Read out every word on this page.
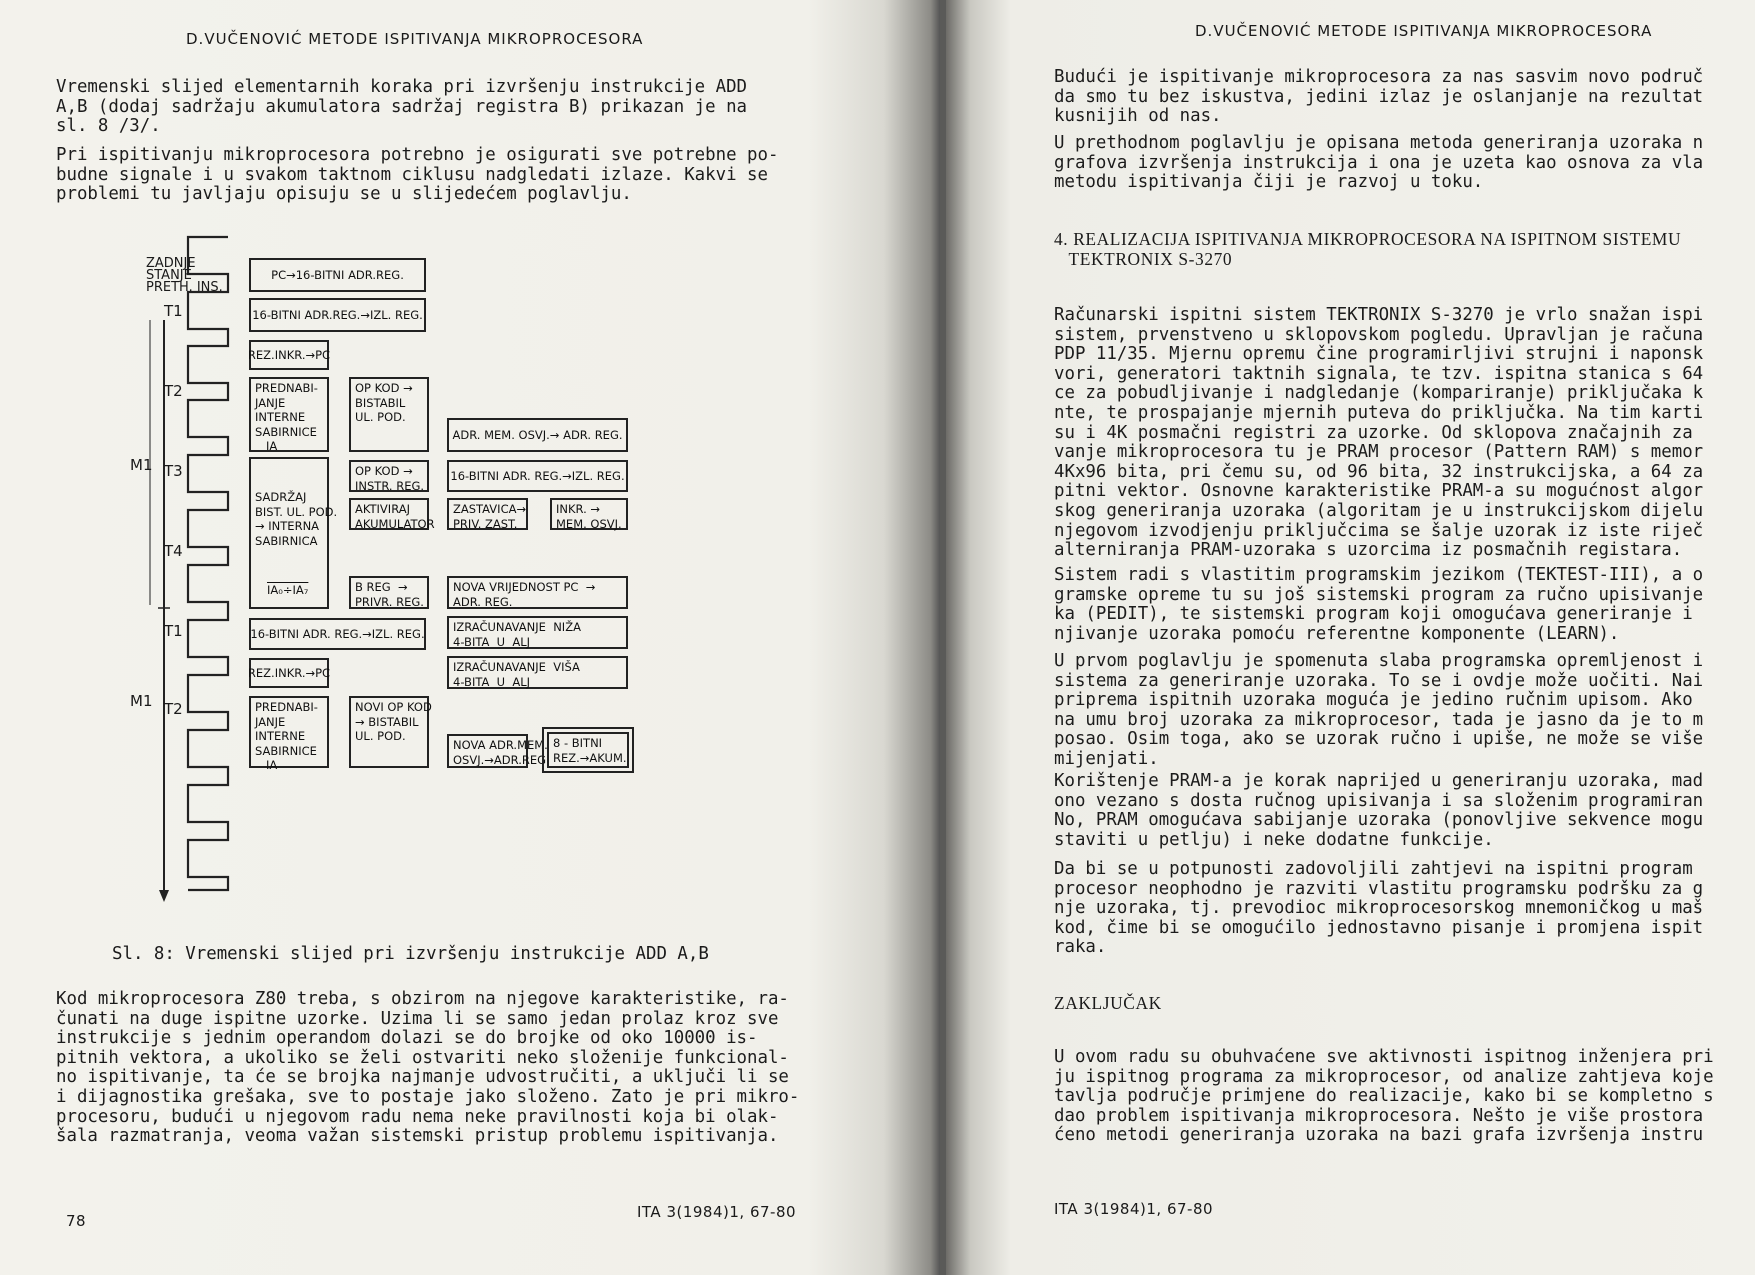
D.VUČENOVIĆ METODE ISPITIVANJA MIKROPROCESORA

Vremenski slijed elementarnih koraka pri izvršenju instrukcije ADD
A,B (dodaj sadržaju akumulatora sadržaj registra B) prikazan je na
sl. 8 /3/.

Pri ispitivanju mikroprocesora potrebno je osigurati sve potrebne po-
budne signale i u svakom taktnom ciklusu nadgledati izlaze. Kakvi se
problemi tu javljaju opisuju se u slijedećem poglavlju.

ZADNJE
STANJE
PRETH. INS.
T1
T2
T3
T4
T1
T2
M1
M1
PC→16-BITNI ADR.REG.
16-BITNI ADR.REG.→IZL. REG.
REZ.INKR.→PC
PREDNABI-
JANJE
INTERNE
SABIRNICE
IA
OP KOD →
BISTABIL
UL. POD.
ADR. MEM. OSVJ.→ ADR. REG.

SADRŽAJ
BIST. UL. POD.
→ INTERNA
SABIRNICA

IA₀÷IA₇

OP KOD →
INSTR. REG.
16-BITNI ADR. REG.→IZL. REG.
AKTIVIRAJ
AKUMULATOR
ZASTAVICA→
PRIV. ZAST.
INKR. →
MEM. OSVJ.
B REG  →
PRIVR. REG.
NOVA VRIJEDNOST PC  →
ADR. REG.
16-BITNI ADR. REG.→IZL. REG.	IZRAČUNAVANJE  NIŽA
4-BITA  U  ALJ
REZ.INKR.→PC	IZRAČUNAVANJE  VIŠA
4-BITA  U  ALJ
PREDNABI-
JANJE
INTERNE
SABIRNICE
IA
NOVI OP KOD
→ BISTABIL
UL. POD.
NOVA ADR.MEM.
OSVJ.→ADR.REG.
8 - BITNI
REZ.→AKUM.
Sl. 8: Vremenski slijed pri izvršenju instrukcije ADD A,B

Kod mikroprocesora Z80 treba, s obzirom na njegove karakteristike, ra-
čunati na duge ispitne uzorke. Uzima li se samo jedan prolaz kroz sve
instrukcije s jednim operandom dolazi se do brojke od oko 10000 is-
pitnih vektora, a ukoliko se želi ostvariti neko složenije funkcional-
no ispitivanje, ta će se brojka najmanje udvostručiti, a uključi li se
i dijagnostika grešaka, sve to postaje jako složeno. Zato je pri mikro-
procesoru, budući u njegovom radu nema neke pravilnosti koja bi olak-
šala razmatranja, veoma važan sistemski pristup problemu ispitivanja.

78	ITA 3(1984)1, 67-80
D.VUČENOVIĆ METODE ISPITIVANJA MIKROPROCESORA

Budući je ispitivanje mikroprocesora za nas sasvim novo područ
da smo tu bez iskustva, jedini izlaz je oslanjanje na rezultat
kusnijih od nas.

U prethodnom poglavlju je opisana metoda generiranja uzoraka n
grafova izvršenja instrukcija i ona je uzeta kao osnova za vla
metodu ispitivanja čiji je razvoj u toku.

4. REALIZACIJA ISPITIVANJA MIKROPROCESORA NA ISPITNOM SISTEMU
TEKTRONIX S-3270

Računarski ispitni sistem TEKTRONIX S-3270 je vrlo snažan ispi
sistem, prvenstveno u sklopovskom pogledu. Upravljan je računa
PDP 11/35. Mjernu opremu čine programirljivi strujni i naponsk
vori, generatori taktnih signala, te tzv. ispitna stanica s 64
ce za pobudljivanje i nadgledanje (kompariranje) priključaka k
nte, te prospajanje mjernih puteva do priključka. Na tim karti
su i 4K posmačni registri za uzorke. Od sklopova značajnih za
vanje mikroprocesora tu je PRAM procesor (Pattern RAM) s memor
4Kx96 bita, pri čemu su, od 96 bita, 32 instrukcijska, a 64 za
pitni vektor. Osnovne karakteristike PRAM-a su mogućnost algor
skog generiranja uzoraka (algoritam je u instrukcijskom dijelu
njegovom izvodjenju priključcima se šalje uzorak iz iste riječ
alterniranja PRAM-uzoraka s uzorcima iz posmačnih registara.

Sistem radi s vlastitim programskim jezikom (TEKTEST-III), a o
gramske opreme tu su još sistemski program za ručno upisivanje
ka (PEDIT), te sistemski program koji omogućava generiranje i
njivanje uzoraka pomoću referentne komponente (LEARN).

U prvom poglavlju je spomenuta slaba programska opremljenost i
sistema za generiranje uzoraka. To se i ovdje može uočiti. Nai
priprema ispitnih uzoraka moguća je jedino ručnim upisom. Ako
na umu broj uzoraka za mikroprocesor, tada je jasno da je to m
posao. Osim toga, ako se uzorak ručno i upiše, ne može se više
mijenjati.

Korištenje PRAM-a je korak naprijed u generiranju uzoraka, mad
ono vezano s dosta ručnog upisivanja i sa složenim programiran
No, PRAM omogućava sabijanje uzoraka (ponovljive sekvence mogu
staviti u petlju) i neke dodatne funkcije.

Da bi se u potpunosti zadovoljili zahtjevi na ispitni program
procesor neophodno je razviti vlastitu programsku podršku za g
nje uzoraka, tj. prevodioc mikroprocesorskog mnemoničkog u maš
kod, čime bi se omogućilo jednostavno pisanje i promjena ispit
raka.

ZAKLJUČAK

U ovom radu su obuhvaćene sve aktivnosti ispitnog inženjera pri
ju ispitnog programa za mikroprocesor, od analize zahtjeva koje
tavlja područje primjene do realizacije, kako bi se kompletno s
dao problem ispitivanja mikroprocesora. Nešto je više prostora
ćeno metodi generiranja uzoraka na bazi grafa izvršenja instru

ITA 3(1984)1, 67-80
